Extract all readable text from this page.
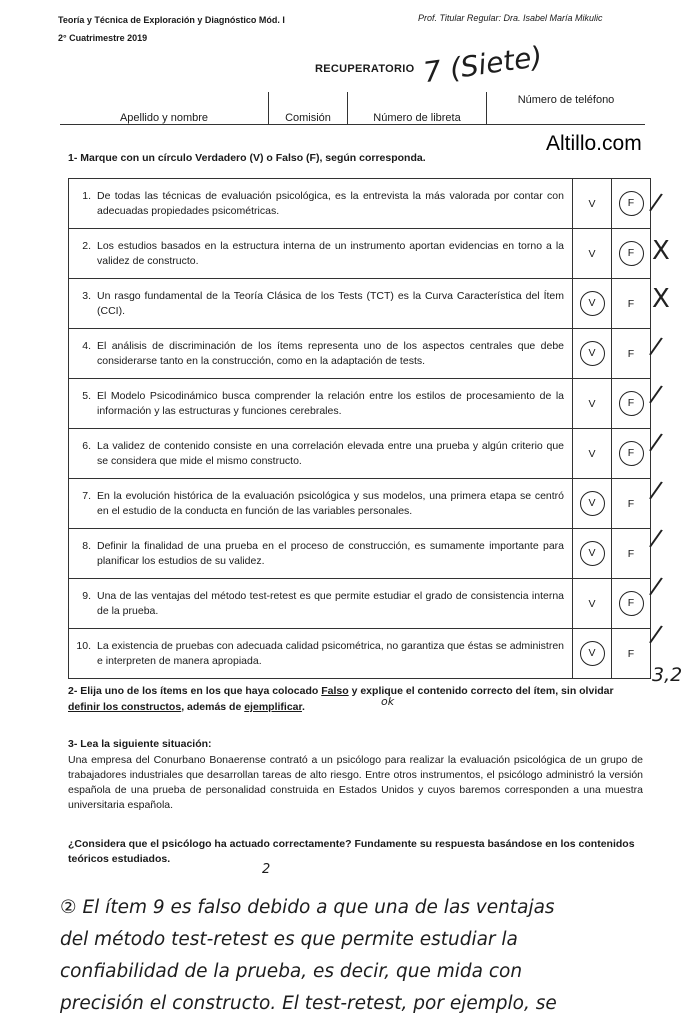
Teoría y Técnica de Exploración y Diagnóstico Mód. I
2° Cuatrimestre 2019
Prof. Titular Regular: Dra. Isabel María Mikulic
RECUPERATORIO 7 (Siete)
Apellido y nombre	Comisión	Número de libreta	Número de teléfono
Altillo.com
1- Marque con un círculo Verdadero (V) o Falso (F), según corresponda.
1. De todas las técnicas de evaluación psicológica, es la entrevista la más valorada por contar con adecuadas propiedades psicométricas.	V	F

2. Los estudios basados en la estructura interna de un instrumento aportan evidencias en torno a la validez de constructo.	V	F

3. Un rasgo fundamental de la Teoría Clásica de los Tests (TCT) es la Curva Característica del Ítem (CCI).	V	F

4. El análisis de discriminación de los ítems representa uno de los aspectos centrales que debe considerarse tanto en la construcción, como en la adaptación de tests.	V	F

5. El Modelo Psicodinámico busca comprender la relación entre los estilos de procesamiento de la información y las estructuras y funciones cerebrales.	V	F

6. La validez de contenido consiste en una correlación elevada entre una prueba y algún criterio que se considera que mide el mismo constructo.	V	F

7. En la evolución histórica de la evaluación psicológica y sus modelos, una primera etapa se centró en el estudio de la conducta en función de las variables personales.	V	F

8. Definir la finalidad de una prueba en el proceso de construcción, es sumamente importante para planificar los estudios de su validez.	V	F

9. Una de las ventajas del método test-retest es que permite estudiar el grado de consistencia interna de la prueba.	V	F

10. La existencia de pruebas con adecuada calidad psicométrica, no garantiza que éstas se administren e interpreten de manera apropiada.	V	F
/
X
X
/
/
/
/
/
/
/
3,2
2- Elija uno de los ítems en los que haya colocado Falso y explique el contenido correcto del ítem, sin olvidar definir los constructos, además de ejemplificar.	ok
3- Lea la siguiente situación:
Una empresa del Conurbano Bonaerense contrató a un psicólogo para realizar la evaluación psicológica de un grupo de trabajadores industriales que desarrollan tareas de alto riesgo. Entre otros instrumentos, el psicólogo administró la versión española de una prueba de personalidad construida en Estados Unidos y cuyos baremos corresponden a una muestra universitaria española.
¿Considera que el psicólogo ha actuado correctamente? Fundamente su respuesta basándose en los contenidos teóricos estudiados.
2
② El ítem 9 es falso debido a que una de las ventajas
del método test-retest es que permite estudiar la
confiabilidad de la prueba, es decir, que mida con
precisión el constructo. El test-retest, por ejemplo, se
